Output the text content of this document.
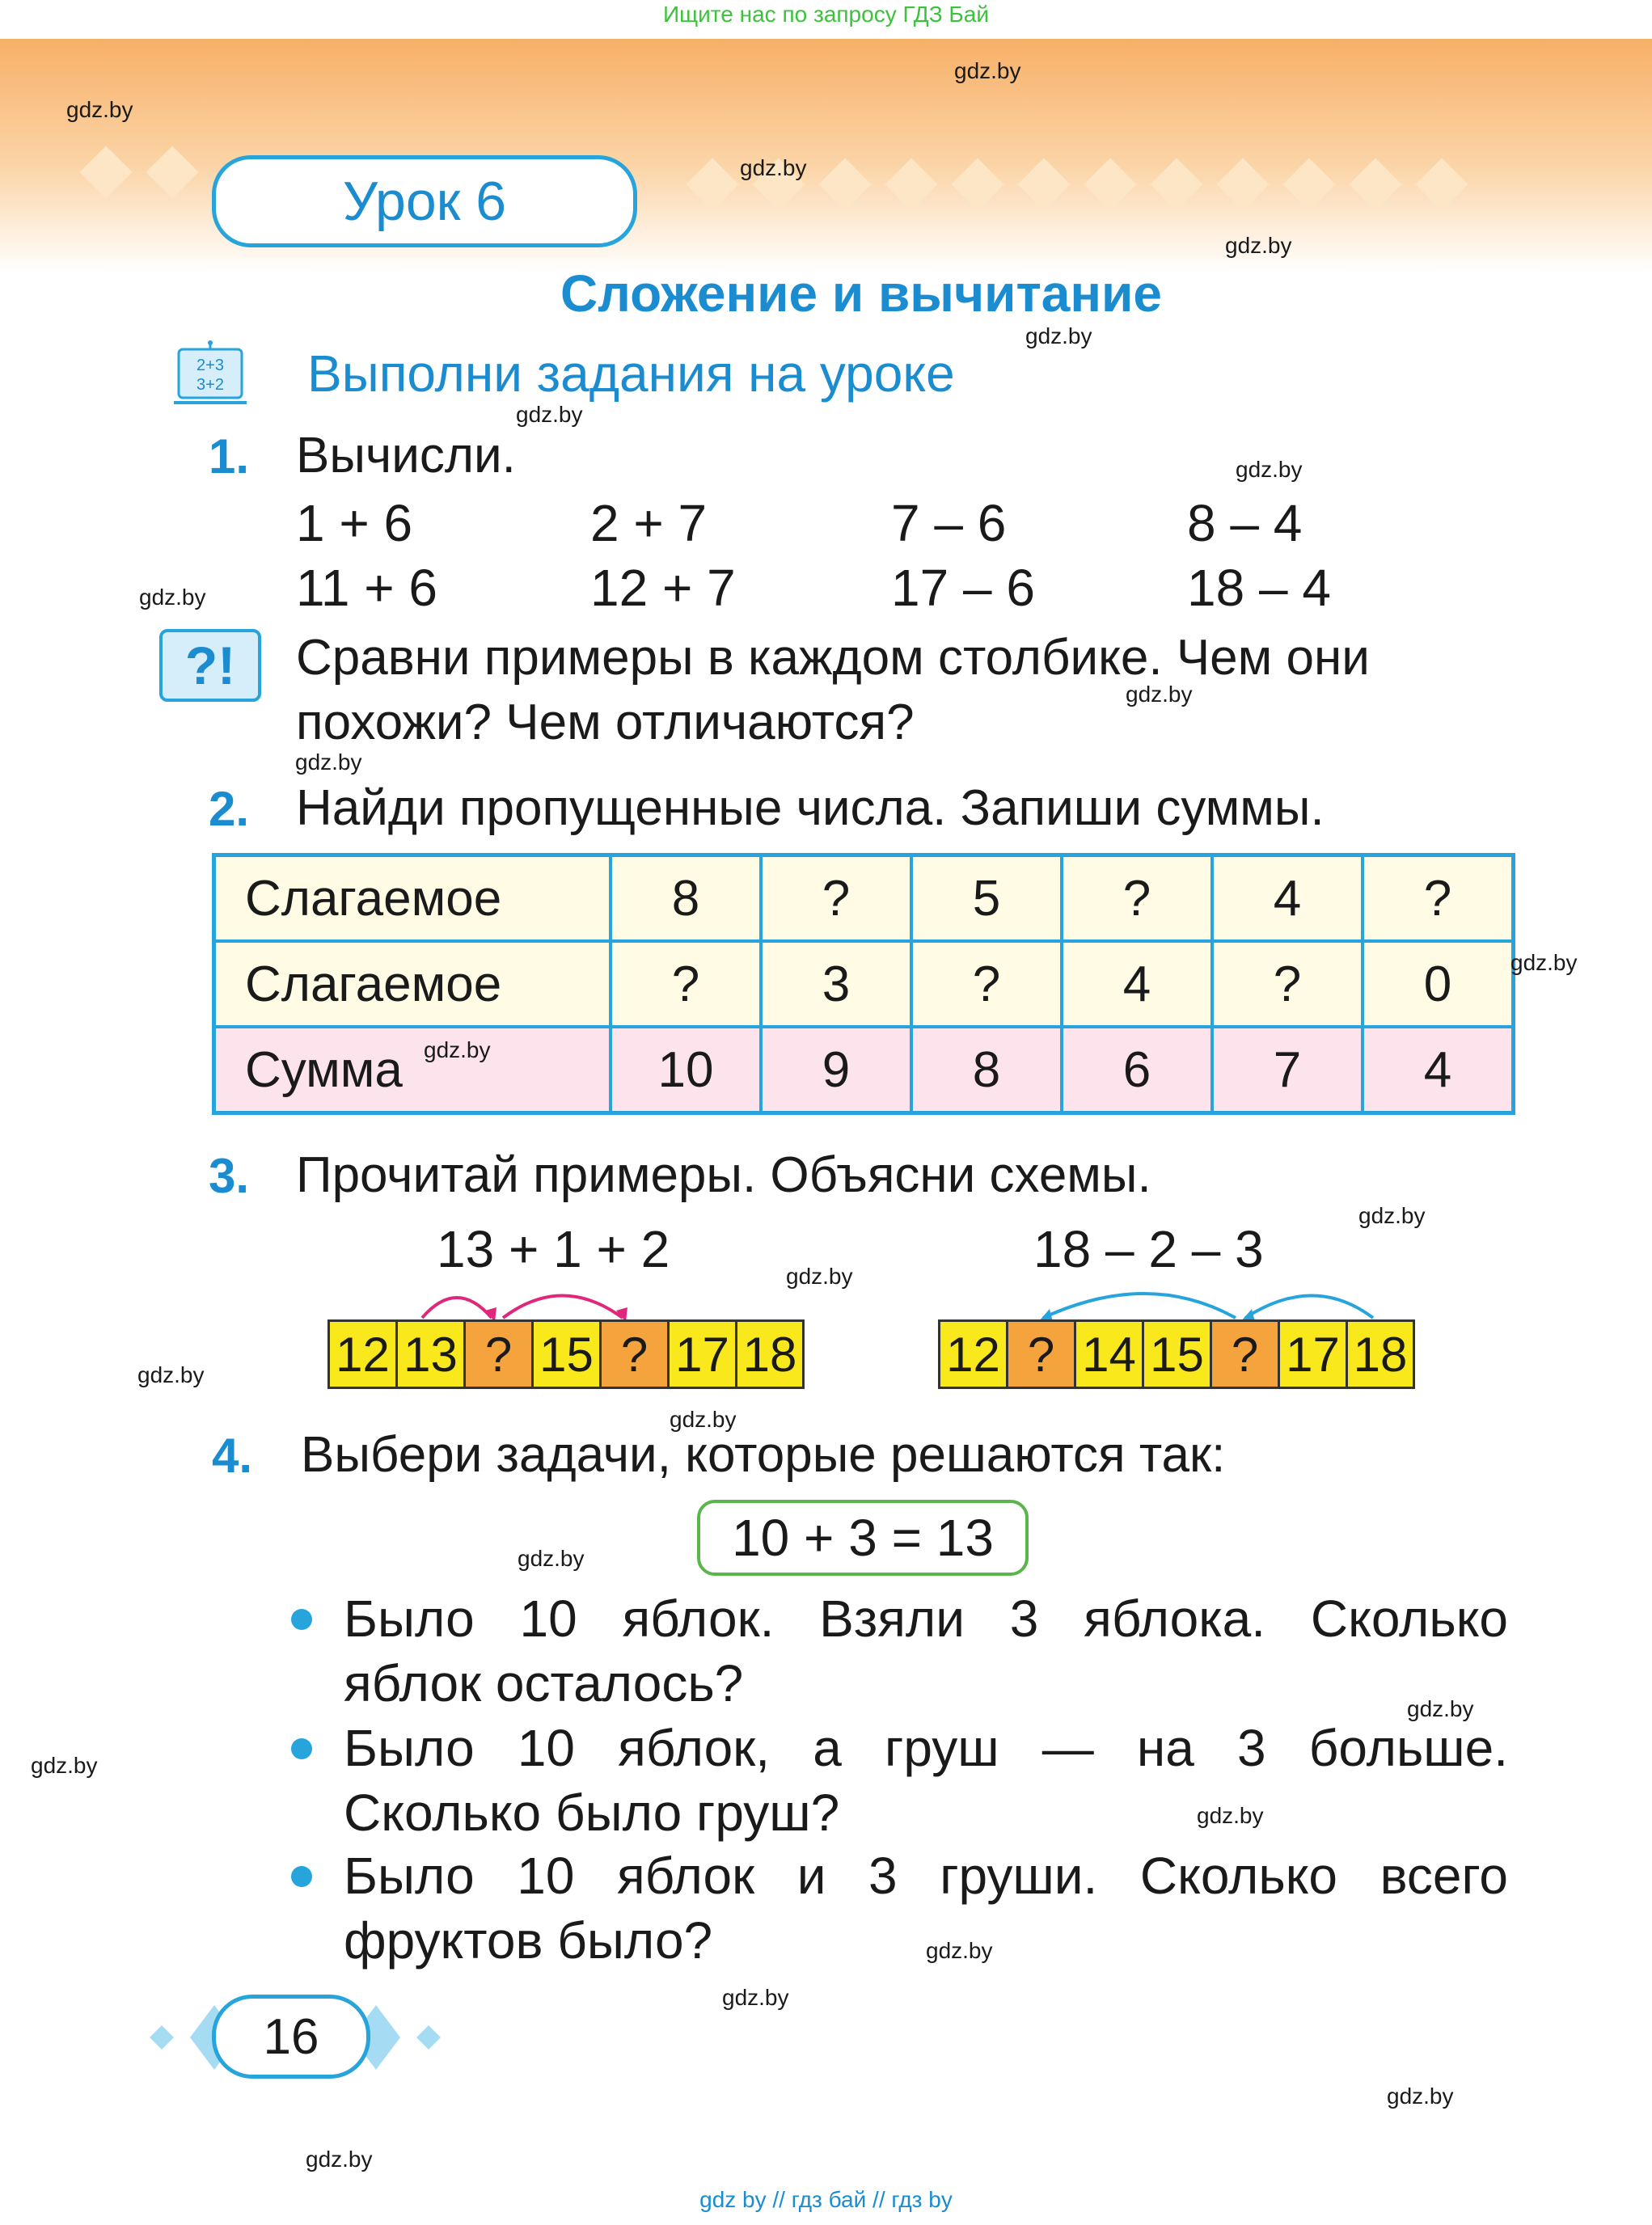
Ищите нас по запросу ГДЗ Бай
Урок 6
Сложение и вычитание
2+3
3+2 Выполни задания на уроке
1. Вычисли.
1 + 6	2 + 7	7 – 6	8 – 4
11 + 6	12 + 7	17 – 6	18 – 4
?!	Сравни примеры в каждом столбике. Чем они
похожи? Чем отличаются?
2. Найди пропущенные числа. Запиши суммы.
Слагаемое	8	?	5	?	4	?
Слагаемое	?	3	?	4	?	0
Сумма	10	9	8	6	7	4
3. Прочитай примеры. Объясни схемы.
13 + 1 + 2	18 – 2 – 3
12 13 ? 15 ? 17 18	12 ? 14 15 ? 17 18
4. Выбери задачи, которые решаются так:
10 + 3 = 13
Было 10 яблок. Взяли 3 яблока. Сколько
яблок осталось?
Было 10 яблок, а груш — на 3 больше.
Сколько было груш?
Было 10 яблок и 3 груши. Сколько всего
фруктов было?
16
gdz.by
gdz.by
gdz.by
gdz.by
gdz.by
gdz.by
gdz.by
gdz.by
gdz.by
gdz.by
gdz.by
gdz.by
gdz.by
gdz.by
gdz.by
gdz.by
gdz.by
gdz.by
gdz.by
gdz.by
gdz.by
gdz.by
gdz.by
gdz.by
gdz by // гдз бай // гдз by
